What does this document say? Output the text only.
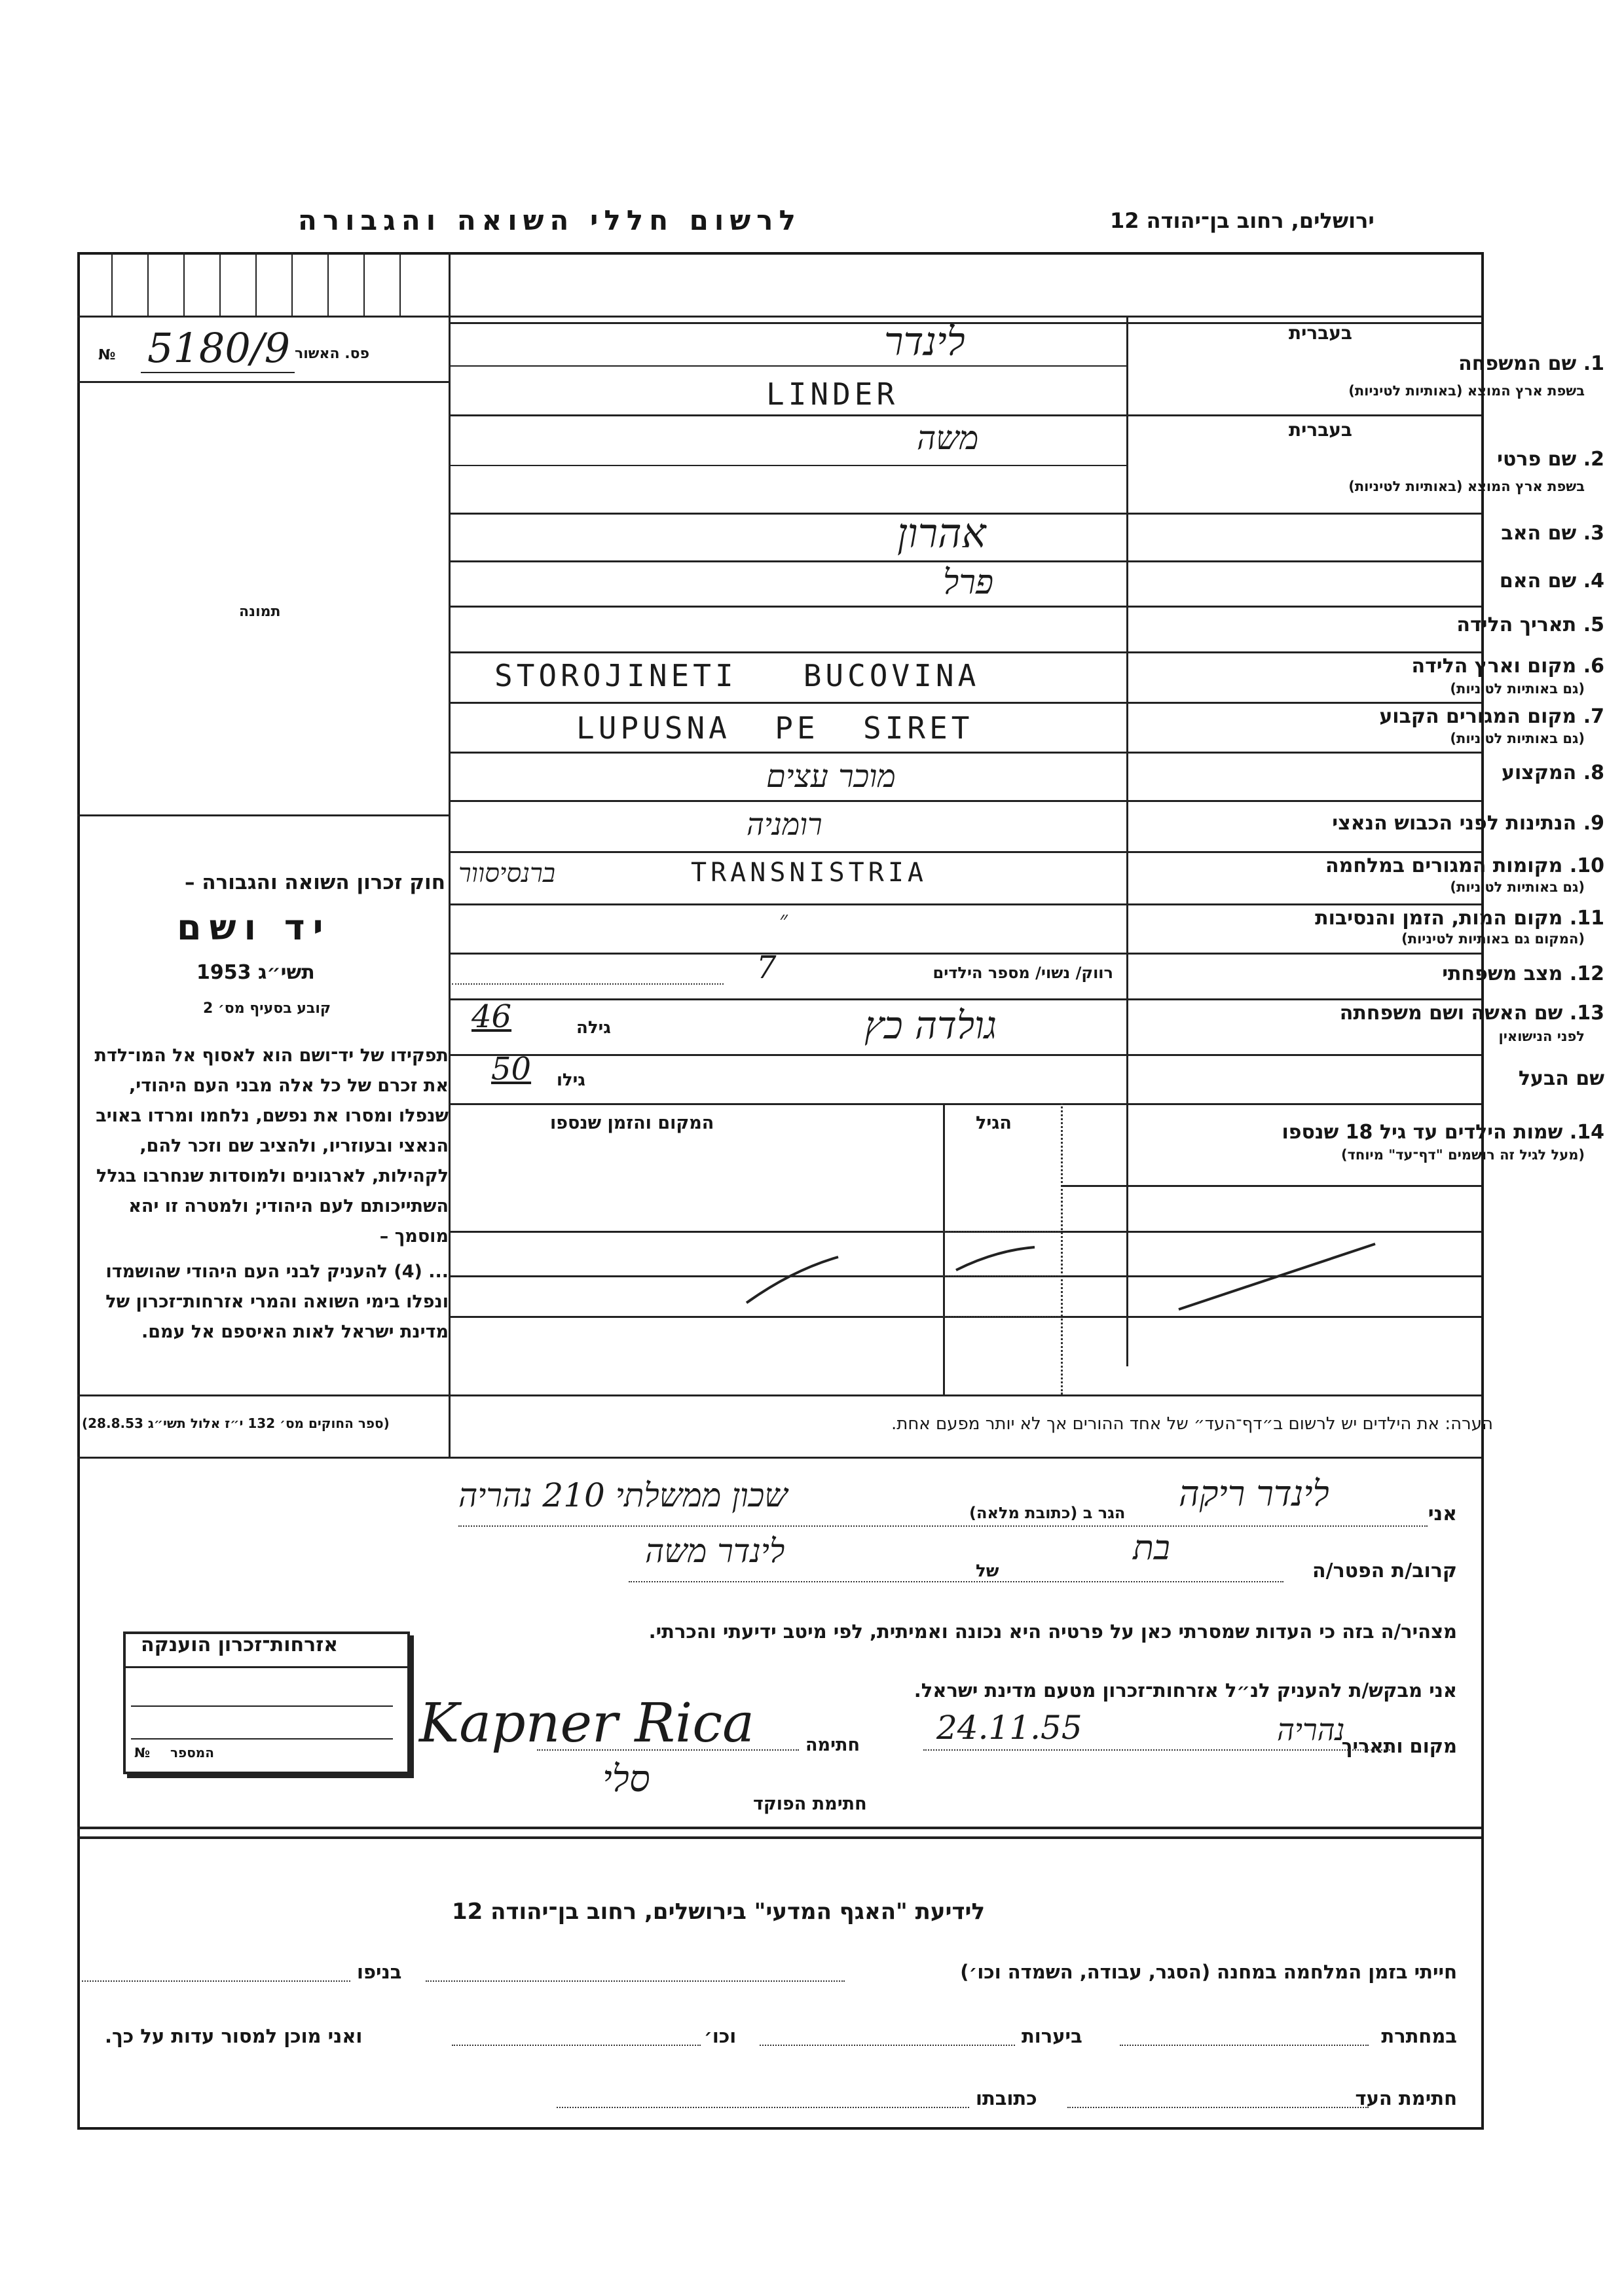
לרשום חללי השואה והגבורה	ירושלים, רחוב בן־יהודה 12
פס. האשור
5180/9
№
תמונה
חוק זכרון השואה והגבורה –
יד ושם
תשי״ג 1953
קובע בסעיף מס׳ 2
תפקידו של יד־ושם הוא לאסוף אל המו־לדת את זכרם של כל אלה מבני העם היהודי, שנפלו ומסרו את נפשם, נלחמו ומרדו באויב הנאצי ובעוזריו, ולהציב שם וזכר להם, לקהילות, לארגונים ולמוסדות שנחרבו בגלל השתייכותם לעם היהודי; ולמטרה זו יהא מוסמך –
... (4) להעניק לבני העם היהודי שהושמדו ונפלו בימי השואה והמרי אזרחות־זכרון של מדינת ישראל לאות האיספם אל עמם.
(ספר החוקים מס׳ 132 י״ז אלול תשי״ג 28.8.53)
בעברית
1. שם המשפחה
בשפת ארץ המוצא (באותיות לטיניות)
לינדר
LINDER
בעברית
2. שם פרטי
בשפת ארץ המוצא (באותיות לטיניות)
משה
3. שם האב
אהרון
4. שם האם
פרל
5. תאריך הלידה
6. מקום וארץ הלידה
(גם באותיות לטיניות)
STOROJINETI   BUCOVINA
7. מקום המגורים הקבוע
(גם באותיות לטיניות)
LUPUSNA  PE  SIRET
8. המקצוע
מוכר עצים
9. הנתינות לפני הכבוש הנאצי
רומניה
10. מקומות המגורים במלחמה
(גם באותיות לטיניות)
ברנסיסוור	TRANSNISTRIA
11. מקום המות, הזמן והנסיבות
(המקום גם באותיות לטיניות)
״
12. מצב משפחתי
רווק/ נשוי/ מספר הילדים
7
13. שם האשה ושם משפחתה
לפני הנישואין
גילה
46	גולדה כץ
שם הבעל
גילו
50
14. שמות הילדים עד גיל 18 שנספו
(מעל לגיל זה רושמים "דף־עד" מיוחד)
הגיל
המקום והזמן שנספו
הערה: את הילדים יש לרשום ב״דף־העד״ של אחד ההורים אך לא יותר מפעם אחת.
אני
לינדר ריקה
הגר ב (כתובת מלאה)
שכון ממשלתי 210 נהריה
קרוב/ת הפטר/ה
בת
של
לינדר משה
מצהיר/ה בזה כי העדות שמסרתי כאן על פרטיה היא נכונה ואמיתית, לפי מיטב ידיעתי והכרתי.
אני מבקש/ת להעניק לנ״ל אזרחות־זכרון מטעם מדינת ישראל.
מקום ותאריך
נהריה
24.11.55
חתימה
Kapner Rica
סלי
חתימת הפוקד
אזרחות־זכרון הוענקה
המספר
№
לידיעת "האגף המדעי" בירושלים, רחוב בן־יהודה 12
חייתי בזמן המלחמה במחנה (הסגר, עבודה, השמדה וכו׳)
בניפו
במחתרת
ביערות
וכו׳
ואני מוכן למסור עדות על כך.
חתימת העד
כתובתו
